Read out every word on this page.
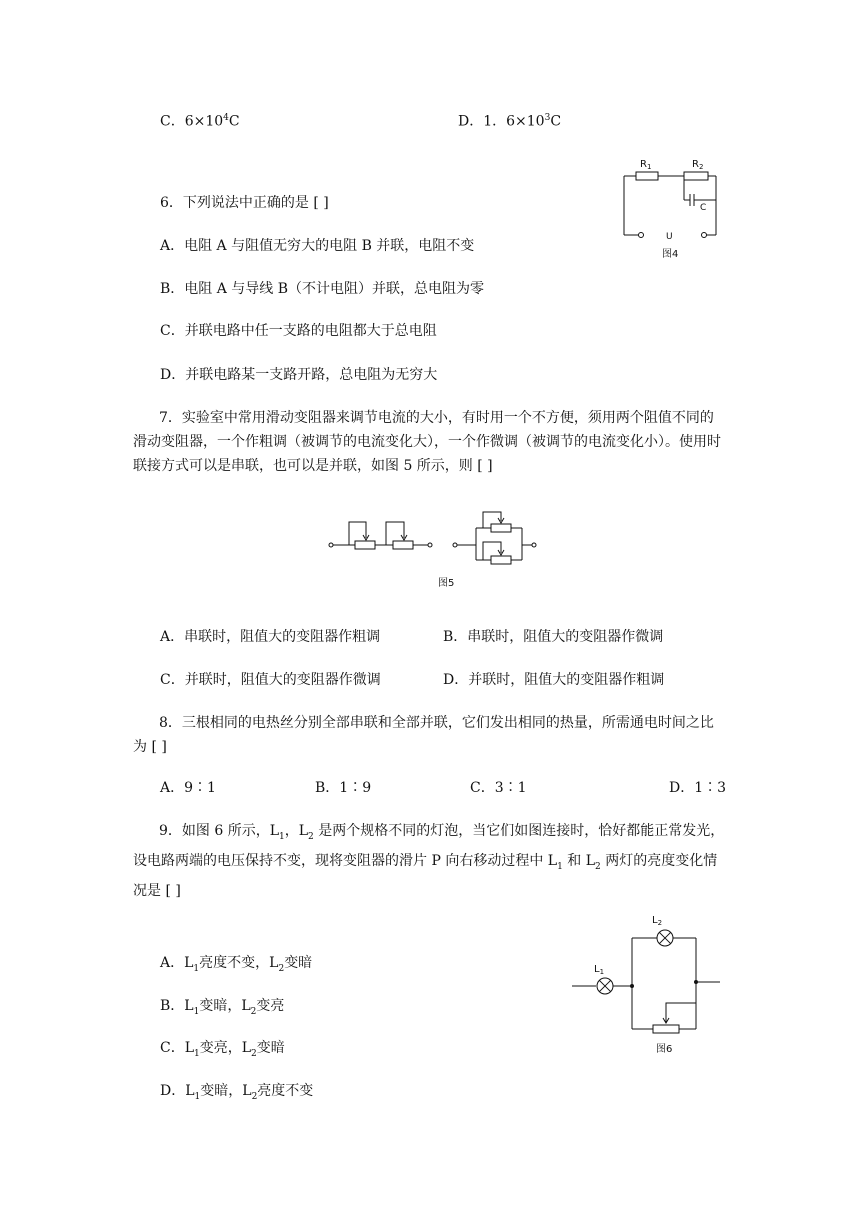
C．$6\times 10^4C$	D．1．$6\times 10^3C$
6．下列说法中正确的是 [ ]
A．电阻 A 与阻值无穷大的电阻 B 并联，电阻不变
B．电阻 A 与导线 B（不计电阻）并联，总电阻为零
C．并联电路中任一支路的电阻都大于总电阻
D．并联电路某一支路开路，总电阻为无穷大
$R_1$	$R_2$
C
U
图4
7．实验室中常用滑动变阻器来调节电流的大小，有时用一个不方便，须用两个阻值不同的滑动变阻器，一个作粗调（被调节的电流变化大），一个作微调（被调节的电流变化小）。使用时联接方式可以是串联，也可以是并联，如图 5 所示，则 [ ]
图5
A．串联时，阻值大的变阻器作粗调	B．串联时，阻值大的变阻器作微调
C．并联时，阻值大的变阻器作微调	D．并联时，阻值大的变阻器作粗调
8．三根相同的电热丝分别全部串联和全部并联，它们发出相同的热量，所需通电时间之比为 [ ]
A．9∶1	B．1∶9	C．3∶1	D．1∶3
9．如图 6 所示，$L_1$，$L_2$ 是两个规格不同的灯泡，当它们如图连接时，恰好都能正常发光，设电路两端的电压保持不变，现将变阻器的滑片 P 向右移动过程中 $L_1$ 和 $L_2$ 两灯的亮度变化情况是 [ ]
A．$L_1$亮度不变，$L_2$变暗
B．$L_1$变暗，$L_2$变亮
C．$L_1$变亮，$L_2$变暗
D．$L_1$变暗，$L_2$亮度不变
$L_1$
$L_2$
图6
